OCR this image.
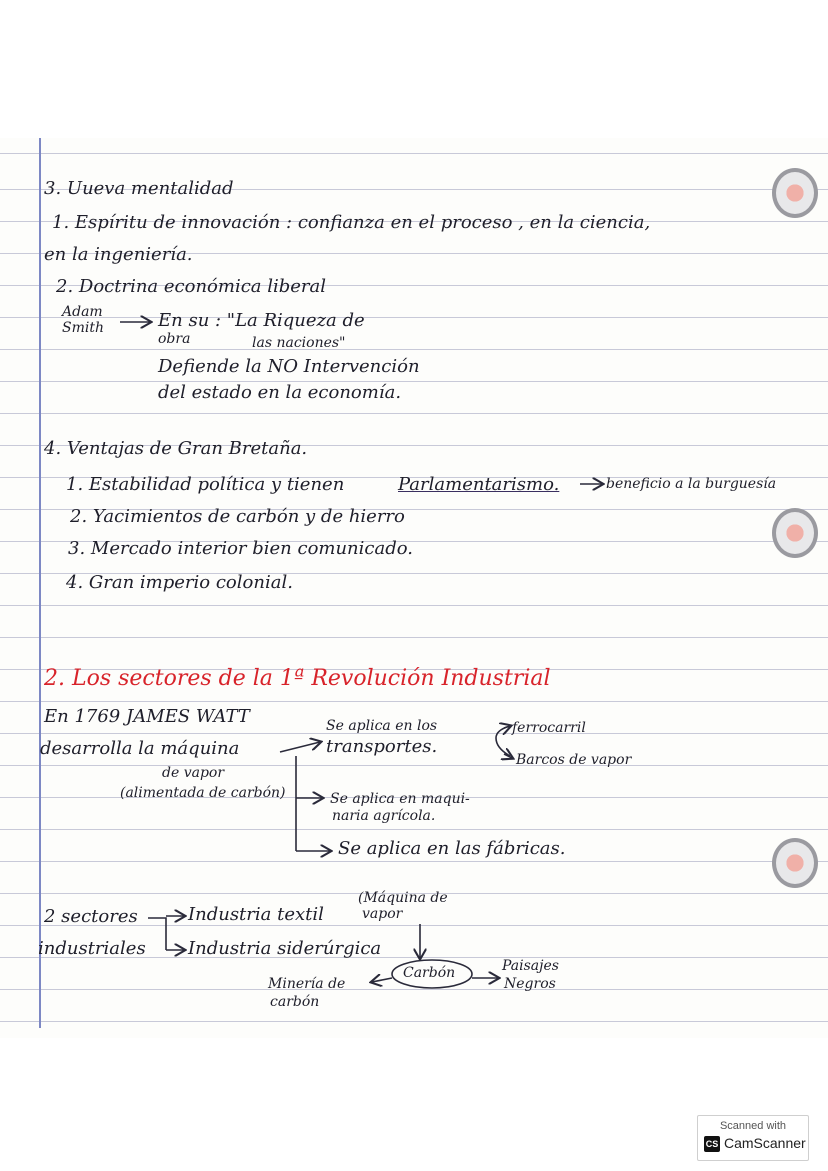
3. Uueva mentalidad
1. Espíritu de innovación : confianza en el proceso , en la ciencia,
en la ingeniería.
2. Doctrina económica liberal
Adam
Smith	En su : "La Riqueza de
obra	las naciones"
Defiende la NO Intervención
del estado en la economía.
4. Ventajas de Gran Bretaña.
1. Estabilidad política y tienen	Parlamentarismo.	beneficio a la burguesía
2. Yacimientos de carbón y de hierro
3. Mercado interior bien comunicado.
4. Gran imperio colonial.
2. Los sectores de la 1ª Revolución Industrial
En 1769 JAMES WATT
desarrolla la máquina
de vapor
(alimentada de carbón)
Se aplica en los
transportes.
ferrocarril
Barcos de vapor
Se aplica en maqui-
naria agrícola.
Se aplica en las fábricas.
2 sectores
industriales
Industria textil
(Máquina de
vapor
Industria siderúrgica
Minería de
carbón
Carbón	Paisajes
Negros
Scanned with
CS CamScanner
